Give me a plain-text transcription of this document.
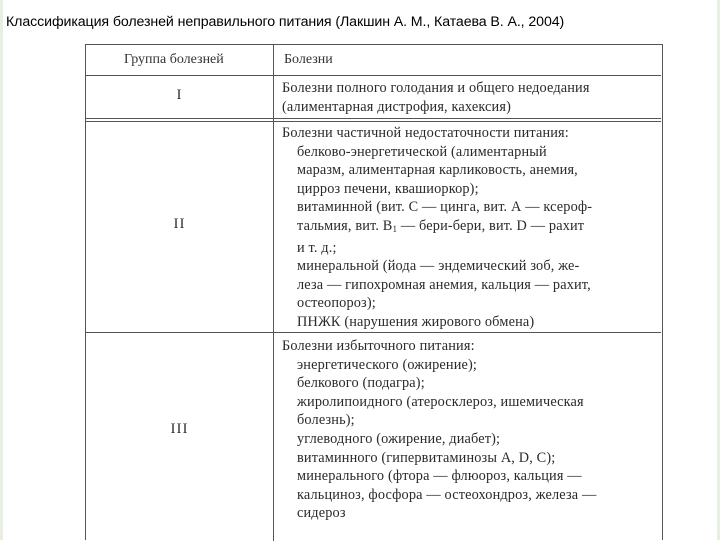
Классификация болезней неправильного питания (Лакшин А. М., Катаева В. А., 2004)
Группа болезней	Болезни
I	Болезни полного голодания и общего недоедания
(алиментарная дистрофия, кахексия)
II
Болезни частичной недостаточности питания:
белково-энергетической (алиментарный
маразм, алиментарная карликовость, анемия,
цирроз печени, квашиоркор);
витаминной (вит. С — цинга, вит. А — ксероф-
тальмия, вит. $В_1$ — бери-бери, вит. D — рахит
и т. д.;
минеральной (йода — эндемический зоб, же-
леза — гипохромная анемия, кальция — рахит,
остеопороз);
ПНЖК (нарушения жирового обмена)
III
Болезни избыточного питания:
энергетического (ожирение);
белкового (подагра);
жиролипоидного (атеросклероз, ишемическая
болезнь);
углеводного (ожирение, диабет);
витаминного (гипервитаминозы А, D, С);
минерального (фтора — флюороз, кальция —
кальциноз, фосфора — остеохондроз, железа —
сидероз
